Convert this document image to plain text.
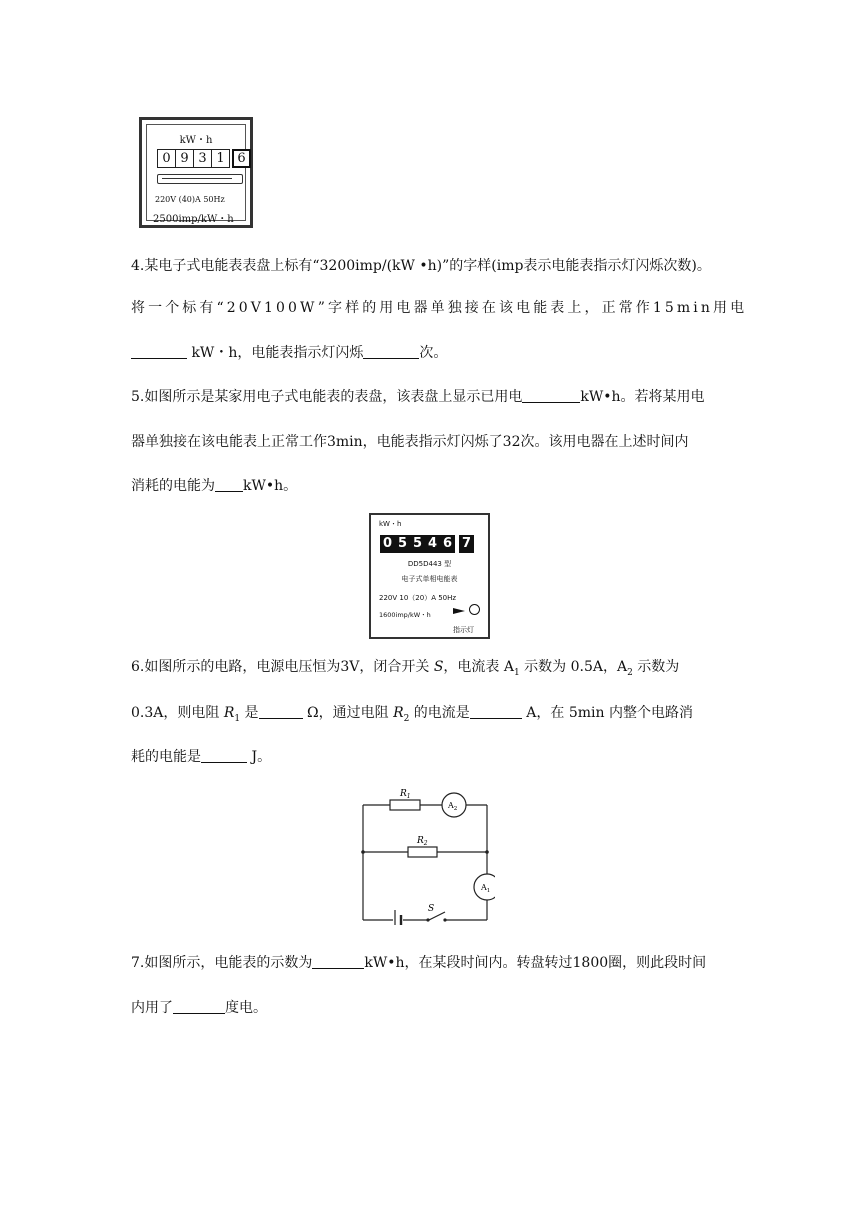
kW・h
0 9 3 1 6
220V (40)A 50Hz
2500imp/kW・h
4.某电子式电能表表盘上标有“3200imp/(kW •h)”的字样(imp表示电能表指示灯闪烁次数)。
将一个标有“20V100W”字样的用电器单独接在该电能表上，正常作15min用电
kW・h，电能表指示灯闪烁	次。
5.如图所示是某家用电子式电能表的表盘，该表盘上显示已用电	kW•h。若将某用电
器单独接在该电能表上正常工作3min，电能表指示灯闪烁了32次。该用电器在上述时间内
消耗的电能为 kW•h。
kW・h
0 5 5 4 6 7
DD5D443 型
电子式单相电能表
220V 10（20）A 50Hz
1600imp/kW・h
指示灯
6.如图所示的电路，电源电压恒为3V，闭合开关 S，电流表 $A_1$ 示数为 0.5A，$A_2$ 示数为
0.3A，则电阻 $R_1$ 是	Ω，通过电阻 $R_2$ 的电流是	A，在 5min 内整个电路消
耗的电能是	J。
$R_1$
$R_2$
$A_2$
$A_1$
S
7.如图所示，电能表的示数为	kW•h，在某段时间内。转盘转过1800圈，则此段时间
内用了	度电。
